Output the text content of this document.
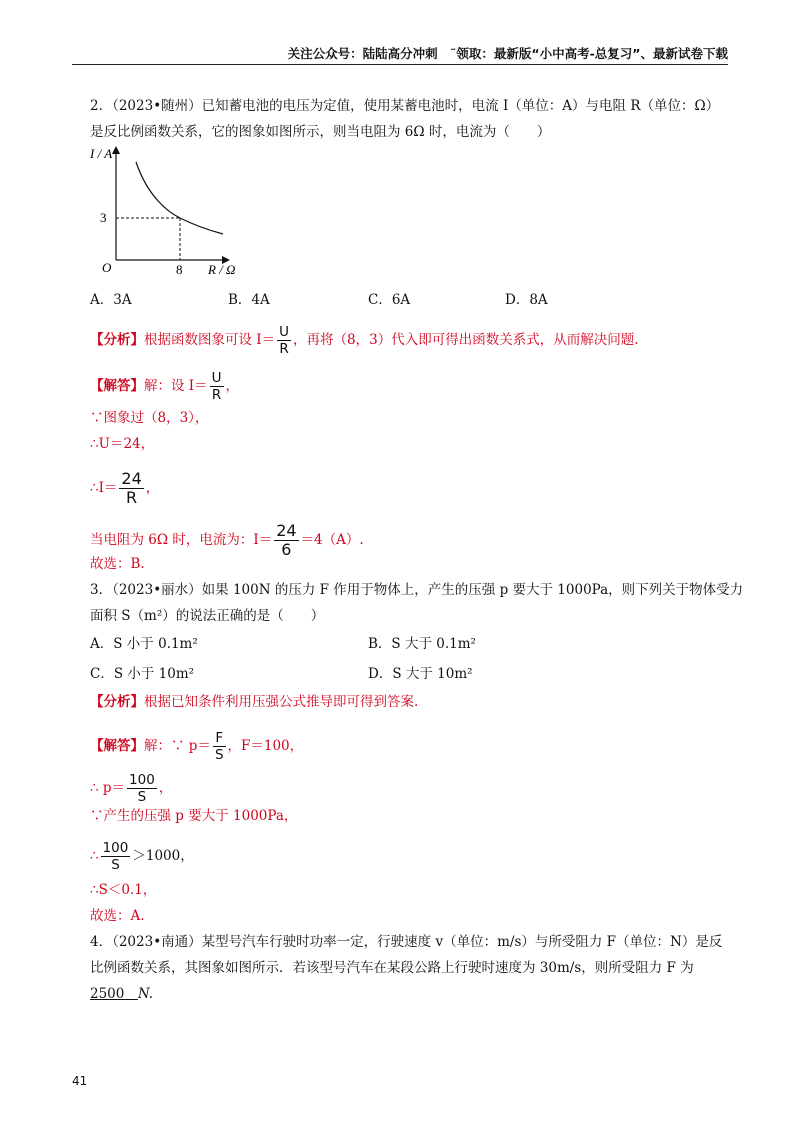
关注公众号：陆陆高分冲刺　˜领取：最新版“小中高考-总复习”、最新试卷下载
2．（2023•随州）已知蓄电池的电压为定值，使用某蓄电池时，电流 I（单位：A）与电阻 R（单位：Ω）
是反比例函数关系，它的图象如图所示，则当电阻为 6Ω 时，电流为（　　）
I / A
3
O	8 R / Ω
A．3A	B．4A	C．6A	D．8A
【分析】根据函数图象可设 $I= \frac{U}{R}$ ，再将（8，3）代入即可得出函数关系式，从而解决问题.
【解答】解：设 $I= \frac{U}{R}$ ，
∵图象过（8，3），
∴U＝24，
∴I＝ $\frac{24}{R}$ ，
当电阻为 6Ω 时，电流为：$I= \frac{24}{6} =4(A)$.
故选：B.
3．（2023•丽水）如果 100N 的压力 F 作用于物体上，产生的压强 p 要大于 1000Pa，则下列关于物体受力
面积 S（m²）的说法正确的是（　　）
A．S 小于 0.1m²	B．S 大于 0.1m²
C．S 小于 10m²	D．S 大于 10m²
【分析】根据已知条件利用压强公式推导即可得到答案.
【解答】解：∵ $p= \frac{F}{S}$ ，F＝100，
∴ $p= \frac{100}{S}$ ，
∵产生的压强 p 要大于 1000Pa，
∴ $\frac{100}{S} >1000$，
∴S＜0.1，
故选：A.
4．（2023•南通）某型号汽车行驶时功率一定，行驶速度 v（单位：m/s）与所受阻力 F（单位：N）是反
比例函数关系，其图象如图所示．若该型号汽车在某段公路上行驶时速度为 30m/s，则所受阻力 F 为
2500　 N.
41
